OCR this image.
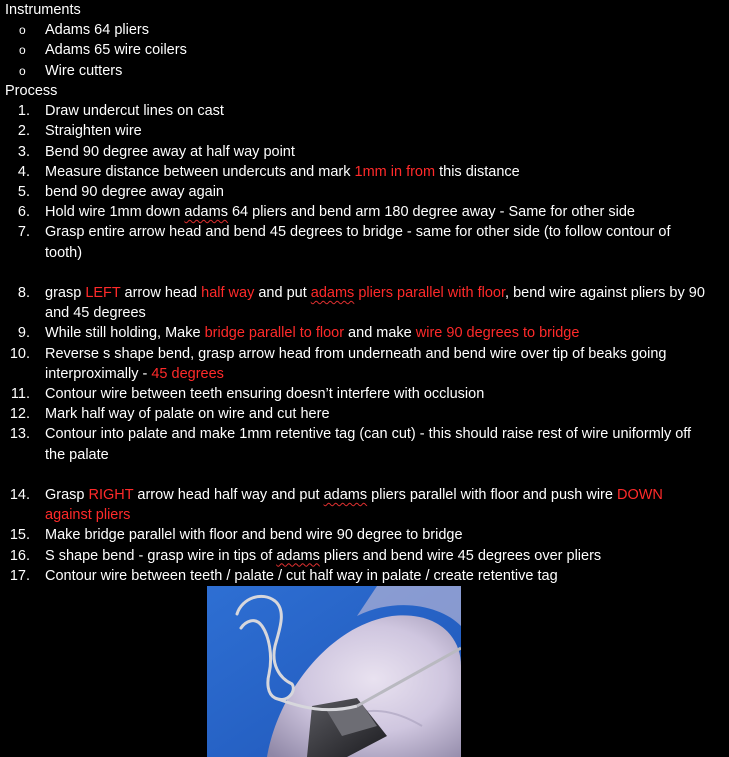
Instruments
o Adams 64 pliers
o Adams 65 wire coilers
o Wire cutters
Process
1. Draw undercut lines on cast
2. Straighten wire
3. Bend 90 degree away at half way point
4. Measure distance between undercuts and mark 1mm in from this distance
5. bend 90 degree away again
6. Hold wire 1mm down adams 64 pliers and bend arm 180 degree away - Same for other side
7. Grasp entire arrow head and bend 45 degrees to bridge - same for other side (to follow contour of tooth)
8. grasp LEFT arrow head half way and put adams pliers parallel with floor, bend wire against pliers by 90 and 45 degrees
9. While still holding, Make bridge parallel to floor and make wire 90 degrees to bridge
10. Reverse s shape bend, grasp arrow head from underneath and bend wire over tip of beaks going interproximally - 45 degrees
11. Contour wire between teeth ensuring doesn’t interfere with occlusion
12. Mark half way of palate on wire and cut here
13. Contour into palate and make 1mm retentive tag (can cut) - this should raise rest of wire uniformly off the palate
14. Grasp RIGHT arrow head half way and put adams pliers parallel with floor and push wire DOWN against pliers
15. Make bridge parallel with floor and bend wire 90 degree to bridge
16. S shape bend - grasp wire in tips of adams pliers and bend wire 45 degrees over pliers
17. Contour wire between teeth / palate / cut half way in palate / create retentive tag
